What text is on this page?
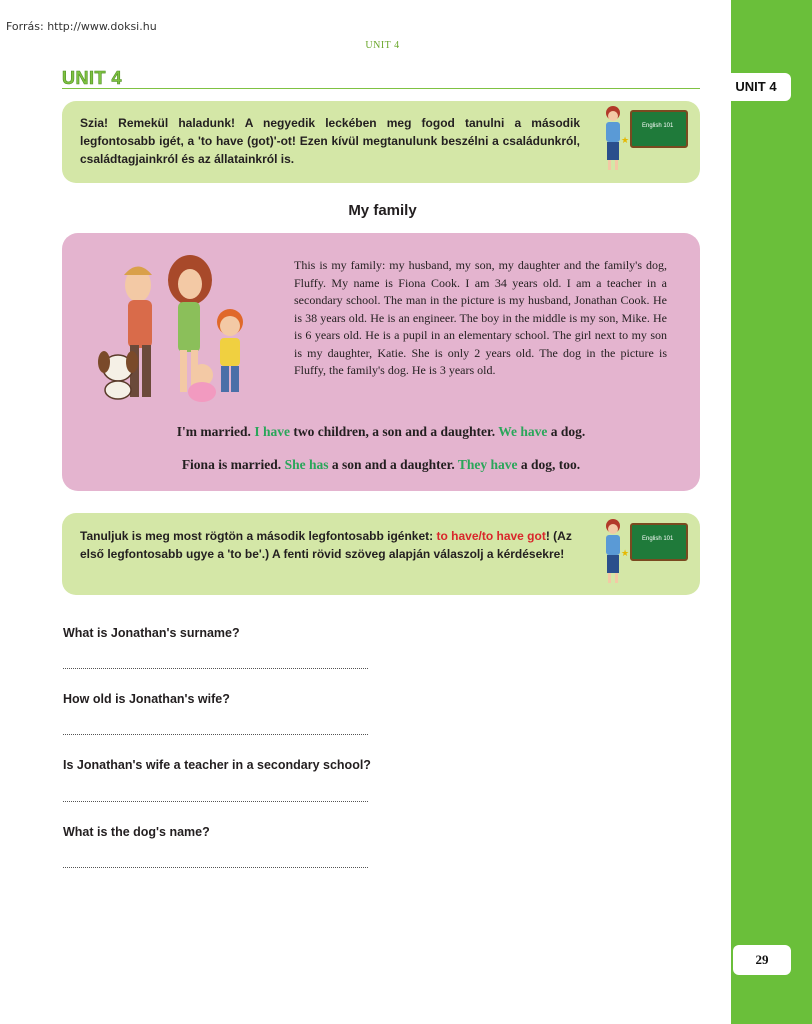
Forrás: http://www.doksi.hu
UNIT 4
UNIT 4
29
UNIT 4
Szia! Remekül haladunk! A negyedik leckében meg fogod tanulni a második legfontosabb igét, a 'to have (got)'-ot! Ezen kívül megtanulunk beszélni a családunkról, családtagjainkról és az állatainkról is.
English 101
★
My family
This is my family: my husband, my son, my daughter and the family's dog, Fluffy. My name is Fiona Cook. I am 34 years old. I am a teacher in a secondary school. The man in the picture is my husband, Jonathan Cook. He is 38 years old. He is an engineer. The boy in the middle is my son, Mike. He is 6 years old. He is a pupil in an elementary school. The girl next to my son is my daughter, Katie. She is only 2 years old. The dog in the picture is Fluffy, the family's dog. He is 3 years old.
I'm married. I have two children, a son and a daughter. We have a dog.
Fiona is married. She has a son and a daughter. They have a dog, too.
Tanuljuk is meg most rögtön a második legfontosabb igénket: to have/to have got! (Az első legfontosabb ugye a 'to be'.) A fenti rövid szöveg alapján válaszolj a kérdésekre!
English 101
★
What is Jonathan's surname?
How old is Jonathan's wife?
Is Jonathan's wife a teacher in a secondary school?
What is the dog's name?
